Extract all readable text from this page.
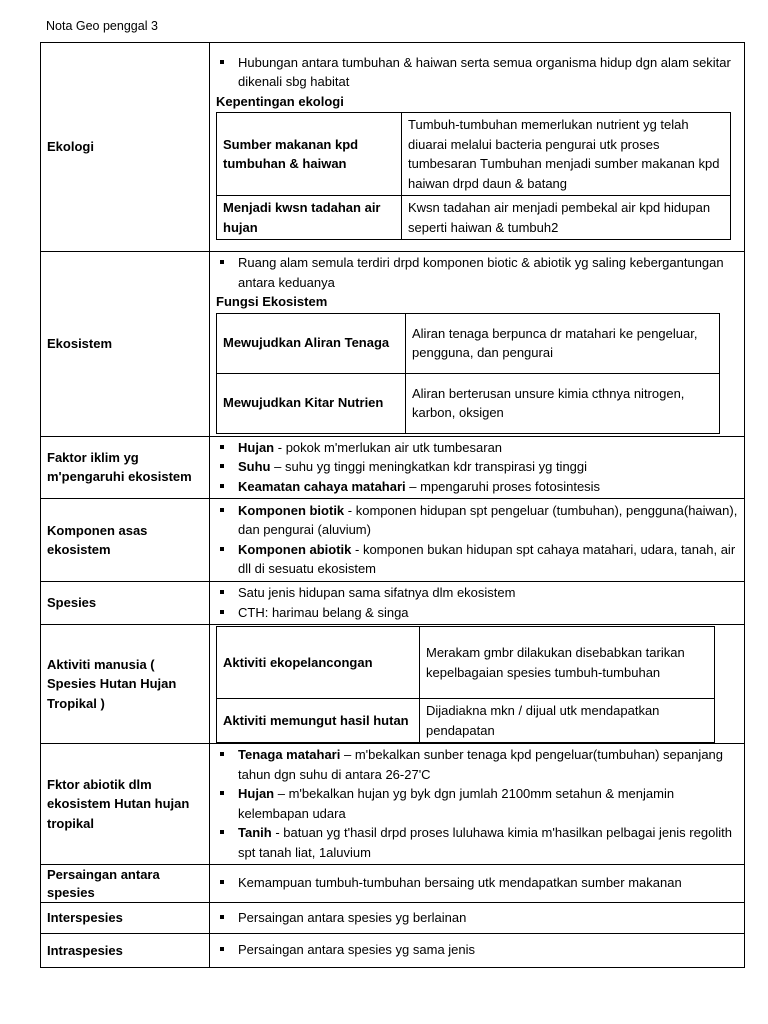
Nota Geo penggal 3
Ekologi	
Hubungan antara tumbuhan & haiwan serta semua organisma hidup dgn alam sekitar dikenali sbg habitat
Kepentingan ekologi
Sumber makanan kpd tumbuhan & haiwan	Tumbuh-tumbuhan memerlukan nutrient yg telah diuarai melalui bacteria pengurai utk proses tumbesaran Tumbuhan menjadi sumber makanan kpd haiwan drpd daun & batang
Menjadi kwsn tadahan air hujan	Kwsn tadahan air menjadi pembekal air kpd hidupan seperti haiwan & tumbuh2

Ekosistem	
Ruang alam semula terdiri drpd komponen biotic & abiotik yg saling kebergantungan antara keduanya
Fungsi Ekosistem
Mewujudkan Aliran Tenaga	Aliran tenaga berpunca dr matahari ke pengeluar, pengguna, dan pengurai
Mewujudkan Kitar Nutrien	Aliran berterusan unsure kimia cthnya nitrogen, karbon, oksigen

Faktor iklim yg m'pengaruhi ekosistem	
Hujan - pokok m'merlukan air utk tumbesaran
Suhu – suhu yg tinggi meningkatkan kdr transpirasi yg tinggi
Keamatan cahaya matahari – mpengaruhi proses fotosintesis

Komponen asas ekosistem	
Komponen biotik - komponen hidupan spt pengeluar (tumbuhan), pengguna(haiwan), dan pengurai (aluvium)
Komponen abiotik - komponen bukan hidupan spt cahaya matahari, udara, tanah, air dll di sesuatu ekosistem

Spesies	
Satu jenis hidupan sama sifatnya dlm ekosistem
CTH: harimau belang & singa

Aktiviti manusia ( Spesies Hutan Hujan Tropikal )	
Aktiviti ekopelancongan	Merakam gmbr dilakukan disebabkan tarikan kepelbagaian spesies tumbuh-tumbuhan
Aktiviti memungut hasil hutan	Dijadiakna mkn / dijual utk mendapatkan pendapatan

Fktor abiotik dlm ekosistem Hutan hujan tropikal	
Tenaga matahari – m'bekalkan sunber tenaga kpd pengeluar(tumbuhan) sepanjang tahun dgn suhu di antara 26-27'C
Hujan – m'bekalkan hujan yg byk dgn jumlah 2100mm setahun & menjamin kelembapan udara
Tanih - batuan yg t'hasil drpd proses luluhawa kimia m'hasilkan pelbagai jenis regolith spt tanah liat, 1aluvium

Persaingan antara spesies	
Kemampuan tumbuh-tumbuhan bersaing utk mendapatkan sumber makanan

Interspesies	Persaingan antara spesies yg berlainan

Intraspesies	Persaingan antara spesies yg sama jenis
